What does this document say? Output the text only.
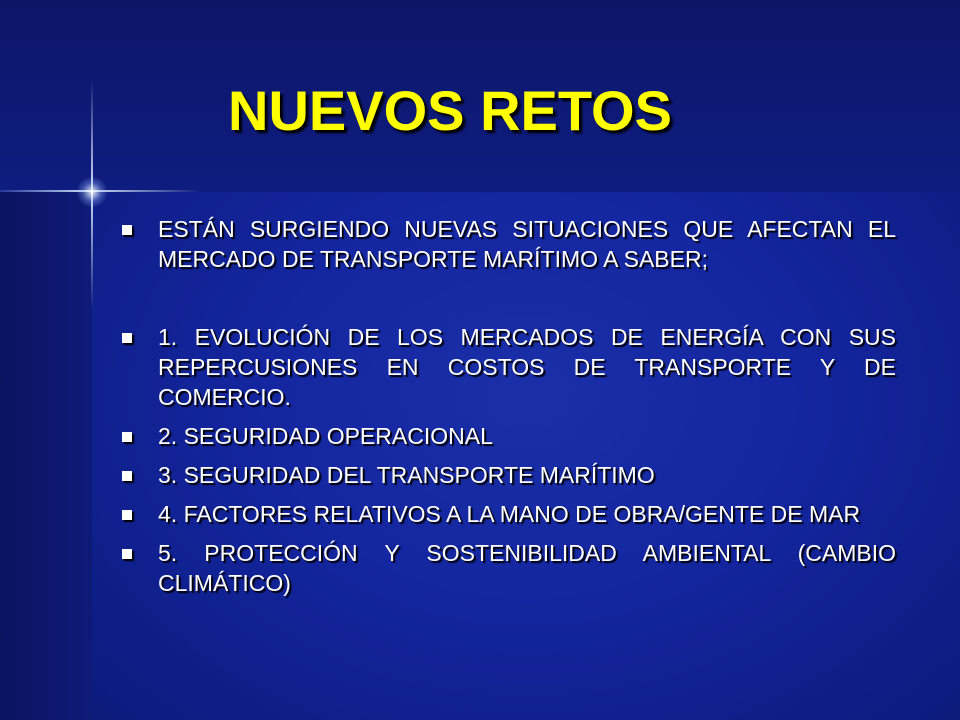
NUEVOS RETOS
ESTÁN SURGIENDO NUEVAS SITUACIONES QUE AFECTAN EL MERCADO DE TRANSPORTE MARÍTIMO A SABER;
1. EVOLUCIÓN DE LOS MERCADOS DE ENERGÍA CON SUS REPERCUSIONES EN COSTOS DE TRANSPORTE Y DE COMERCIO.
2. SEGURIDAD OPERACIONAL
3. SEGURIDAD DEL TRANSPORTE MARÍTIMO
4. FACTORES RELATIVOS A LA MANO DE OBRA/GENTE DE MAR
5. PROTECCIÓN Y SOSTENIBILIDAD AMBIENTAL (CAMBIO CLIMÁTICO)
